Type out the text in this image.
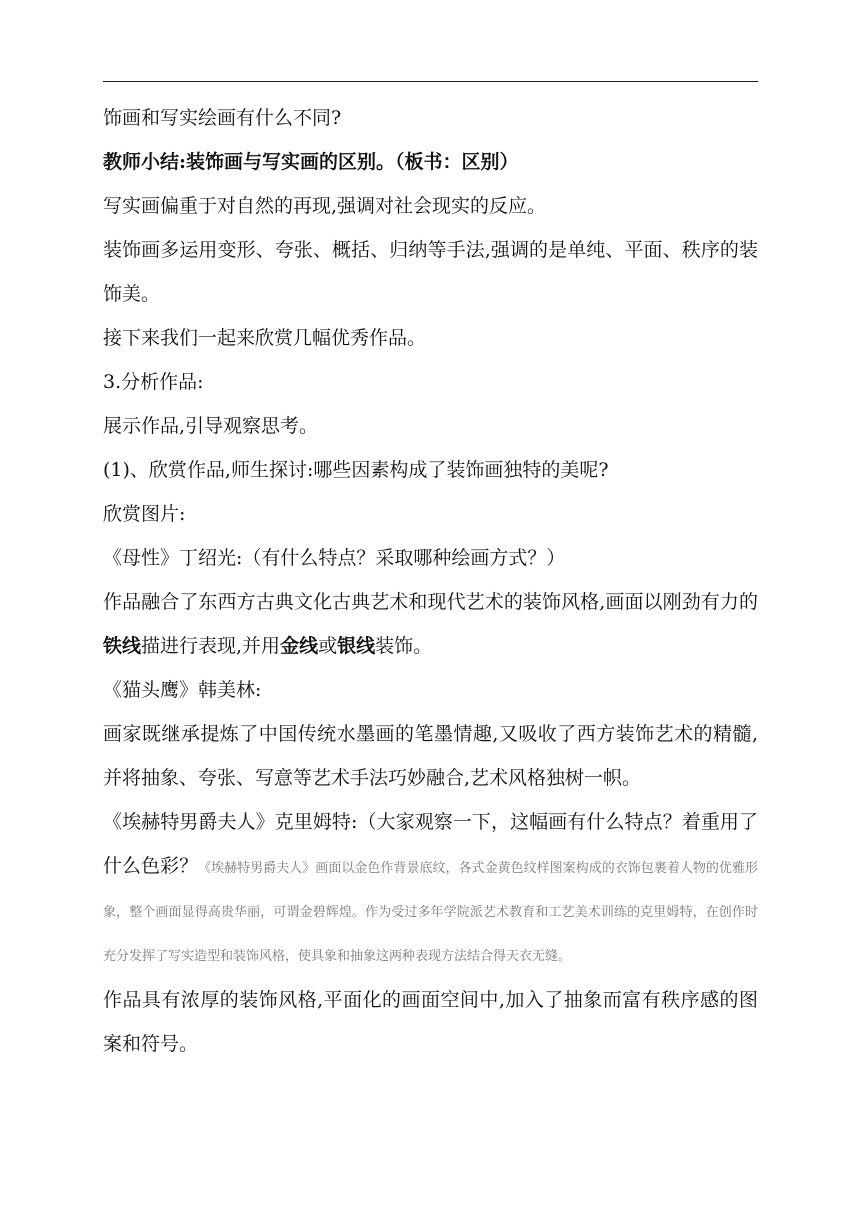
饰画和写实绘画有什么不同?

教师小结:装饰画与写实画的区别。（板书：区别）

写实画偏重于对自然的再现,强调对社会现实的反应。

装饰画多运用变形、夸张、概括、归纳等手法,强调的是单纯、平面、秩序的装饰美。

接下来我们一起来欣赏几幅优秀作品。

3.分析作品:

展示作品,引导观察思考。

(1)、欣赏作品,师生探讨:哪些因素构成了装饰画独特的美呢?

欣赏图片:

《母性》丁绍光:（有什么特点？采取哪种绘画方式？）

作品融合了东西方古典文化古典艺术和现代艺术的装饰风格,画面以刚劲有力的铁线描进行表现,并用金线或银线装饰。

《猫头鹰》韩美林:

画家既继承提炼了中国传统水墨画的笔墨情趣,又吸收了西方装饰艺术的精髓,并将抽象、夸张、写意等艺术手法巧妙融合,艺术风格独树一帜。

《埃赫特男爵夫人》克里姆特:（大家观察一下，这幅画有什么特点？着重用了什么色彩？《埃赫特男爵夫人》画面以金色作背景底纹，各式金黄色纹样图案构成的衣饰包裹着人物的优雅形象，整个画面显得高贵华丽，可谓金碧辉煌。作为受过多年学院派艺术教育和工艺美术训练的克里姆特，在创作时充分发挥了写实造型和装饰风格，使具象和抽象这两种表现方法结合得天衣无缝。

作品具有浓厚的装饰风格,平面化的画面空间中,加入了抽象而富有秩序感的图案和符号。
